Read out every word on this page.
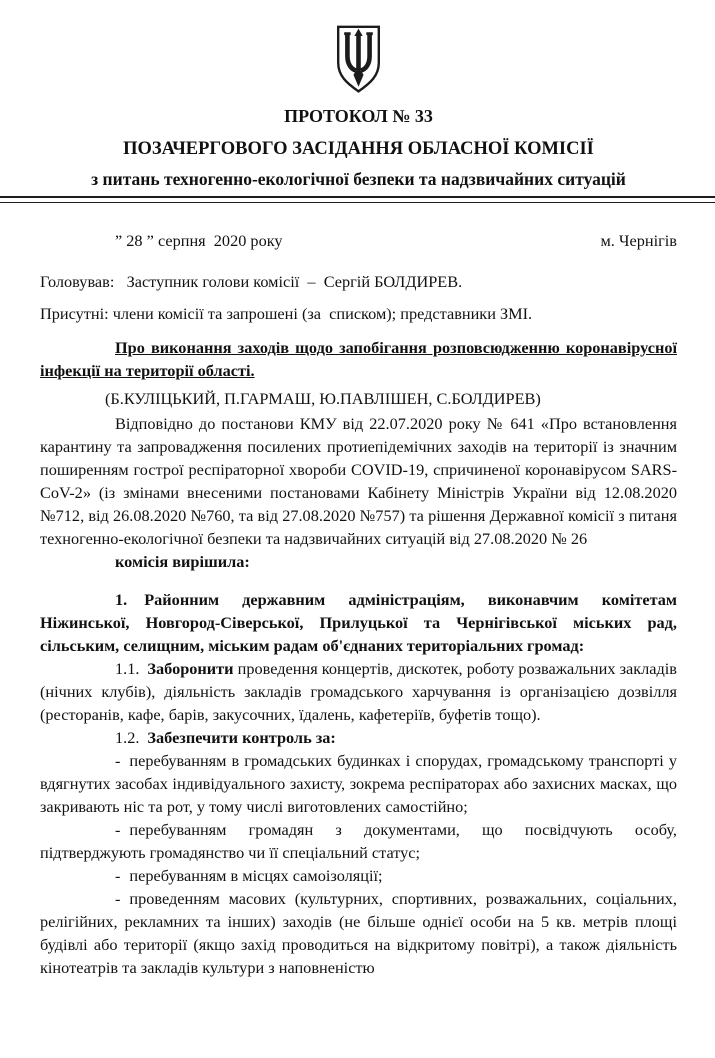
ПРОТОКОЛ № 33

ПОЗАЧЕРГОВОГО ЗАСІДАННЯ ОБЛАСНОЇ КОМІСІЇ

з питань техногенно-екологічної безпеки та надзвичайних ситуацій

” 28 ” серпня  2020 року	м. Чернігів

Головував:   Заступник голови комісії  –  Сергій БОЛДИРЕВ.

Присутні: члени комісії та запрошені (за  списком); представники ЗМІ.

Про виконання заходів щодо запобігання розповсюдженню коронавірусної інфекції на території області.

(Б.КУЛІЦЬКИЙ, П.ГАРМАШ, Ю.ПАВЛІШЕН, С.БОЛДИРЕВ)

Відповідно до постанови КМУ від 22.07.2020 року № 641 «Про встановлення карантину та запровадження посилених протиепідемічних заходів на території із значним поширенням гострої респіраторної хвороби COVID-19, спричиненої коронавірусом SARS-CoV-2» (із змінами внесеними постановами Кабінету Міністрів України від 12.08.2020 №712, від 26.08.2020 №760, та від 27.08.2020 №757) та рішення Державної комісії з питаня техногенно-екологічної безпеки та надзвичайних ситуацій від 27.08.2020 № 26

комісія вирішила:

1. Районним державним адміністраціям, виконавчим комітетам Ніжинської, Новгород-Сіверської, Прилуцької та Чернігівської міських рад, сільським, селищним, міським радам об'єднаних територіальних громад:

1.1. Заборонити проведення концертів, дискотек, роботу розважальних закладів (нічних клубів), діяльність закладів громадського харчування із організацією дозвілля (ресторанів, кафе, барів, закусочних, їдалень, кафетеріїв, буфетів тощо).

1.2. Забезпечити контроль за:

- перебуванням в громадських будинках і спорудах, громадському транспорті у вдягнутих засобах індивідуального захисту, зокрема респіраторах або захисних масках, що закривають ніс та рот, у тому числі виготовлених самостійно;

- перебуванням громадян з документами, що посвідчують особу, підтверджують громадянство чи її спеціальний статус;

- перебуванням в місцях самоізоляції;

- проведенням масових (культурних, спортивних, розважальних, соціальних, релігійних, рекламних та інших) заходів (не більше однієї особи на 5 кв. метрів площі будівлі або території (якщо захід проводиться на відкритому повітрі), а також діяльність кінотеатрів та закладів культури з наповненістю
